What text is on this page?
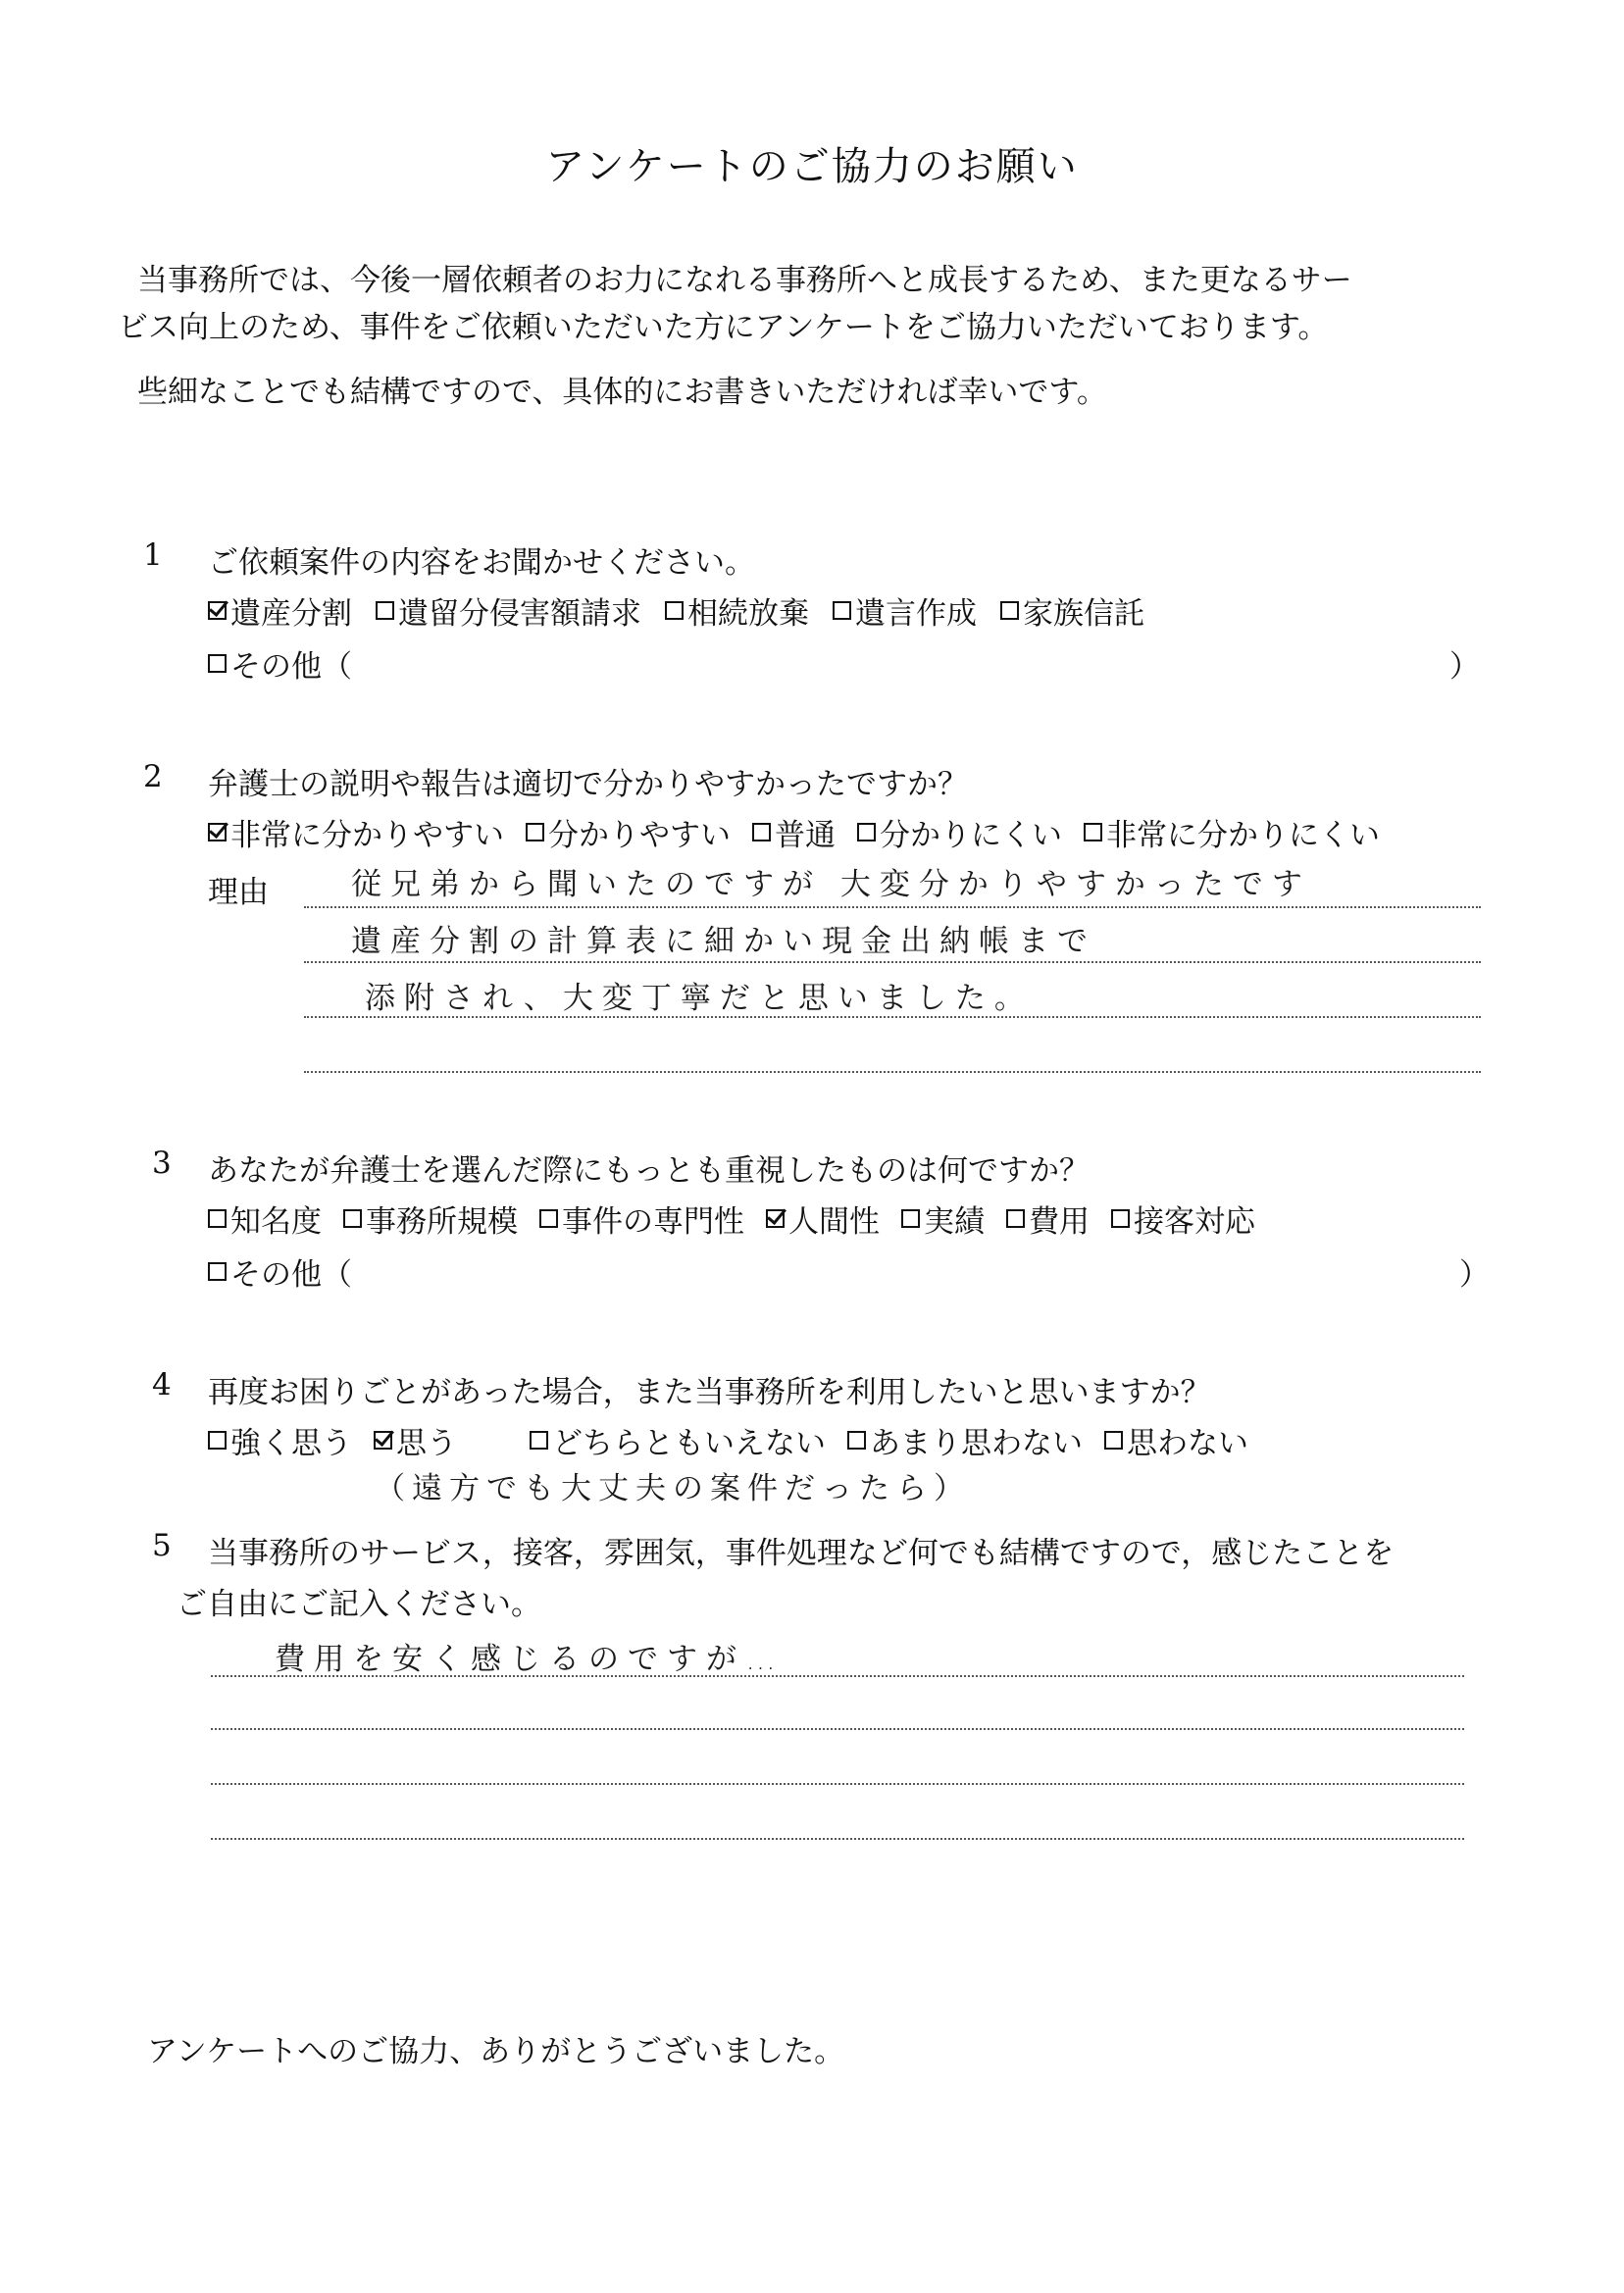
アンケートのご協力のお願い
当事務所では、今後一層依頼者のお力になれる事務所へと成長するため、また更なるサー
ビス向上のため、事件をご依頼いただいた方にアンケートをご協力いただいております。
些細なことでも結構ですので、具体的にお書きいただければ幸いです。
1 ご依頼案件の内容をお聞かせください。
遺産分割 遺留分侵害額請求 相続放棄 遺言作成 家族信託
その他（	）
2 弁護士の説明や報告は適切で分かりやすかったですか？
非常に分かりやすい 分かりやすい 普通 分かりにくい 非常に分かりにくい
理由	従兄弟から聞いたのですが 大変分かりやすかったです
遺産分割の計算表に細かい現金出納帳まで
添附され、大変丁寧だと思いました。
3 あなたが弁護士を選んだ際にもっとも重視したものは何ですか？
知名度 事務所規模 事件の専門性 人間性 実績 費用 接客対応
その他（	）
4 再度お困りごとがあった場合，また当事務所を利用したいと思いますか？
強く思う 思う	どちらともいえない あまり思わない 思わない
（遠方でも大丈夫の案件だったら）
5 当事務所のサービス，接客，雰囲気，事件処理など何でも結構ですので，感じたことを
ご自由にご記入ください。
費用を安く感じるのですが…
アンケートへのご協力、ありがとうございました。
